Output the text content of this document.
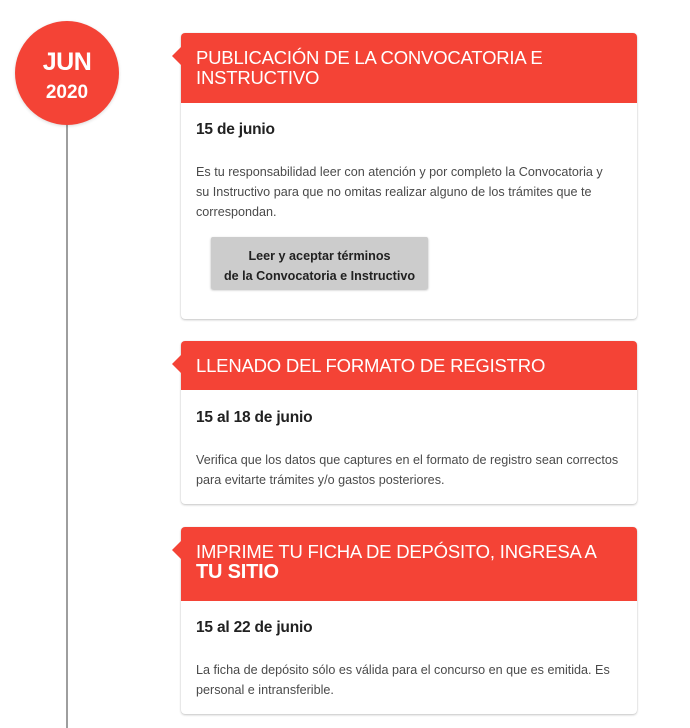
JUN
2020
PUBLICACIÓN DE LA CONVOCATORIA E INSTRUCTIVO
15 de junio
Es tu responsabilidad leer con atención y por completo la Convocatoria y su Instructivo para que no omitas realizar alguno de los trámites que te correspondan.
Leer y aceptar términos
de la Convocatoria e Instructivo
LLENADO DEL FORMATO DE REGISTRO
15 al 18 de junio
Verifica que los datos que captures en el formato de registro sean correctos para evitarte trámites y/o gastos posteriores.
IMPRIME TU FICHA DE DEPÓSITO, INGRESA A
TU SITIO
15 al 22 de junio
La ficha de depósito sólo es válida para el concurso en que es emitida. Es personal e intransferible.
